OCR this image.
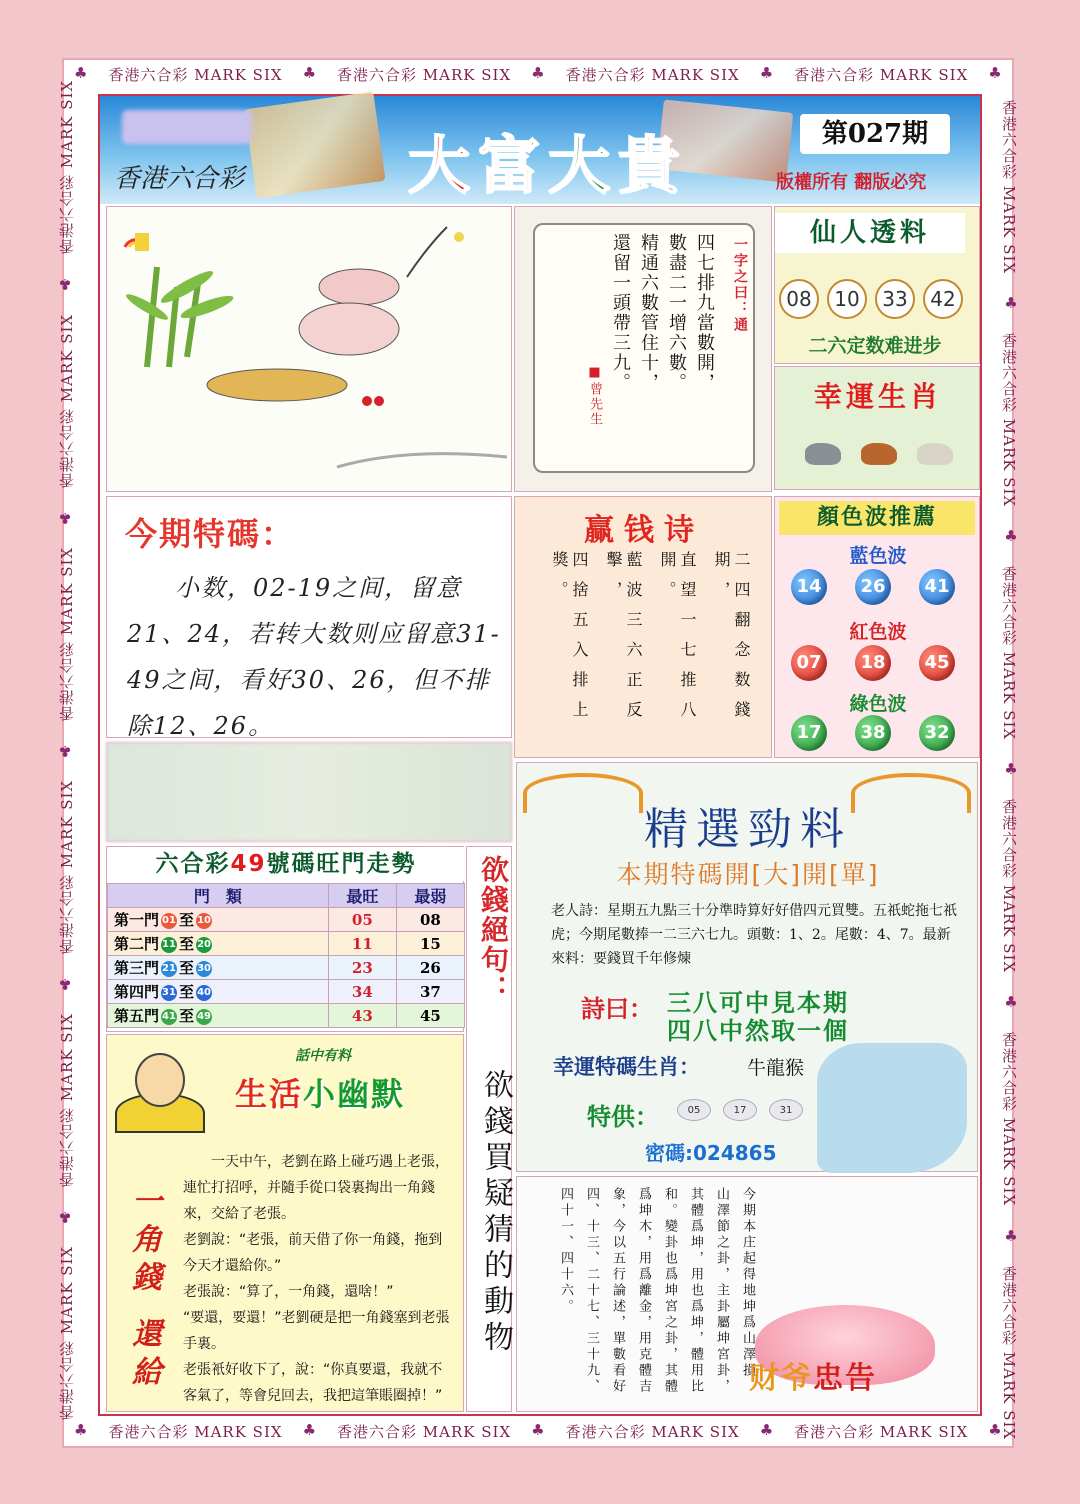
♣ 香港六合彩 MARK SIX ♣ 香港六合彩 MARK SIX ♣ 香港六合彩 MARK SIX ♣ 香港六合彩 MARK SIX ♣
♣ 香港六合彩 MARK SIX ♣ 香港六合彩 MARK SIX ♣ 香港六合彩 MARK SIX ♣ 香港六合彩 MARK SIX ♣
香港六合彩 MARK SIX
♣
香港六合彩 MARK SIX
♣
香港六合彩 MARK SIX
♣
香港六合彩 MARK SIX
♣
香港六合彩 MARK SIX
♣
香港六合彩 MARK SIX	香港六合彩 MARK SIX
♣
香港六合彩 MARK SIX
♣
香港六合彩 MARK SIX
♣
香港六合彩 MARK SIX
♣
香港六合彩 MARK SIX
♣
香港六合彩 MARK SIX
香港六合彩	大富大貴	第027期
版權所有 翻版必究
一字之曰：通
四七排九當數開，
數盡二一增六數。
精通六數管住十，
還留一頭帶三九。
■曾先生
仙人透料
08	10	33	42
二六定数难进步
幸運生肖
今期特碼：
小数，02-19之间，留意21、24，若转大数则应留意31-49之间，看好30、26，但不排除12、26。
赢钱诗
二四翻念数錢期，
直望一七推八開。
藍波三六正反擊，
四捨五入排上獎。
顏色波推薦
藍色波
14	26	41
紅色波
07	18	45
綠色波
17	38	32
六合彩49號碼旺門走勢
門　類	最旺	最弱
第一門 01 至 10	05	08
第二門 11 至 20	11	15
第三門 21 至 30	23	26
第四門 31 至 40	34	37
第五門 41 至 49	43	45
欲錢絕句：
欲錢買疑猜的動物
精選勁料
本期特碼開[大]開[單]
老人詩：星期五九點三十分準時算好好借四元買雙。五祇蛇拖七祇虎；今期尾數捧一二三六七九。頭數：1、2。尾數：4、7。最新來料：要錢買千年修煉
詩曰： 三八可中見本期
四八中然取一個
幸運特碼生肖： 牛龍猴
特供：	05	17	31
密碼:024865
話中有料
生活小幽默
一角錢 還給

一天中午，老劉在路上碰巧遇上老張，連忙打招呼，并隨手從口袋裏掏出一角錢來，交給了老張。

老劉說：“老張，前天借了你一角錢，拖到今天才還給你。”

老張說：“算了，一角錢，還啥！”

“要還，要還！”老劉硬是把一角錢塞到老張手裏。

老張衹好收下了，說：“你真要還，我就不客氣了，等會兒回去，我把這筆賬圈掉！”

今期本庄起得地坤爲山澤損
山澤節之卦，主卦屬坤宮卦，
其體爲坤，用也爲坤，體用比
和。變卦也爲坤宮之卦，其體
爲坤木，用爲離金，用克體吉
象，今以五行論述，單數看好
四、十三、二十七、三十九、
四十一、四十六。
财爷忠告
